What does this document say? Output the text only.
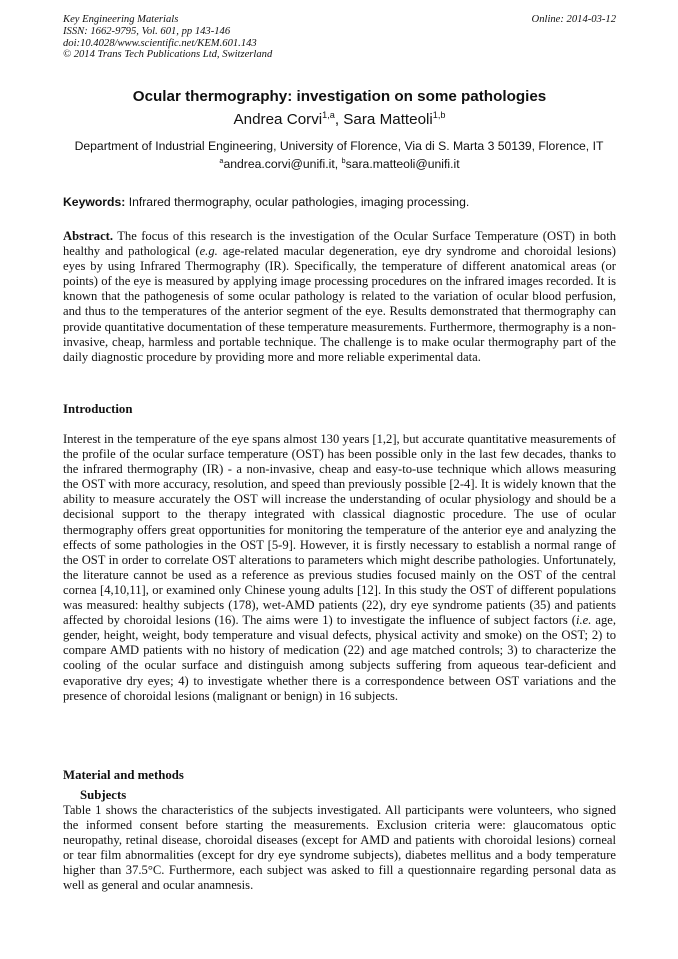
Key Engineering Materials
ISSN: 1662-9795, Vol. 601, pp 143-146
doi:10.4028/www.scientific.net/KEM.601.143
© 2014 Trans Tech Publications Ltd, Switzerland
Online: 2014-03-12
Ocular thermography: investigation on some pathologies
Andrea Corvi$^{1,a}$, Sara Matteoli$^{1,b}$
Department of Industrial Engineering, University of Florence, Via di S. Marta 3 50139, Florence, IT
$^a$andrea.corvi@unifi.it, $^b$sara.matteoli@unifi.it
Keywords: Infrared thermography, ocular pathologies, imaging processing.
Abstract. The focus of this research is the investigation of the Ocular Surface Temperature (OST) in both healthy and pathological (e.g. age-related macular degeneration, eye dry syndrome and choroidal lesions) eyes by using Infrared Thermography (IR). Specifically, the temperature of different anatomical areas (or points) of the eye is measured by applying image processing procedures on the infrared images recorded. It is known that the pathogenesis of some ocular pathology is related to the variation of ocular blood perfusion, and thus to the temperatures of the anterior segment of the eye. Results demonstrated that thermography can provide quantitative documentation of these temperature measurements. Furthermore, thermography is a non-invasive, cheap, harmless and portable technique. The challenge is to make ocular thermography part of the daily diagnostic procedure by providing more and more reliable experimental data.
Introduction
Interest in the temperature of the eye spans almost 130 years [1,2], but accurate quantitative measurements of the profile of the ocular surface temperature (OST) has been possible only in the last few decades, thanks to the infrared thermography (IR) - a non-invasive, cheap and easy-to-use technique which allows measuring the OST with more accuracy, resolution, and speed than previously possible [2-4]. It is widely known that the ability to measure accurately the OST will increase the understanding of ocular physiology and should be a decisional support to the therapy integrated with classical diagnostic procedure. The use of ocular thermography offers great opportunities for monitoring the temperature of the anterior eye and analyzing the effects of some pathologies in the OST [5-9]. However, it is firstly necessary to establish a normal range of the OST in order to correlate OST alterations to parameters which might describe pathologies. Unfortunately, the literature cannot be used as a reference as previous studies focused mainly on the OST of the central cornea [4,10,11], or examined only Chinese young adults [12]. In this study the OST of different populations was measured: healthy subjects (178), wet-AMD patients (22), dry eye syndrome patients (35) and patients affected by choroidal lesions (16). The aims were 1) to investigate the influence of subject factors (i.e. age, gender, height, weight, body temperature and visual defects, physical activity and smoke) on the OST; 2) to compare AMD patients with no history of medication (22) and age matched controls; 3) to characterize the cooling of the ocular surface and distinguish among subjects suffering from aqueous tear-deficient and evaporative dry eyes; 4) to investigate whether there is a correspondence between OST variations and the presence of choroidal lesions (malignant or benign) in 16 subjects.
Material and methods
Subjects
Table 1 shows the characteristics of the subjects investigated. All participants were volunteers, who signed the informed consent before starting the measurements. Exclusion criteria were: glaucomatous optic neuropathy, retinal disease, choroidal diseases (except for AMD and patients with choroidal lesions) corneal or tear film abnormalities (except for dry eye syndrome subjects), diabetes mellitus and a body temperature higher than 37.5°C. Furthermore, each subject was asked to fill a questionnaire regarding personal data as well as general and ocular anamnesis.
